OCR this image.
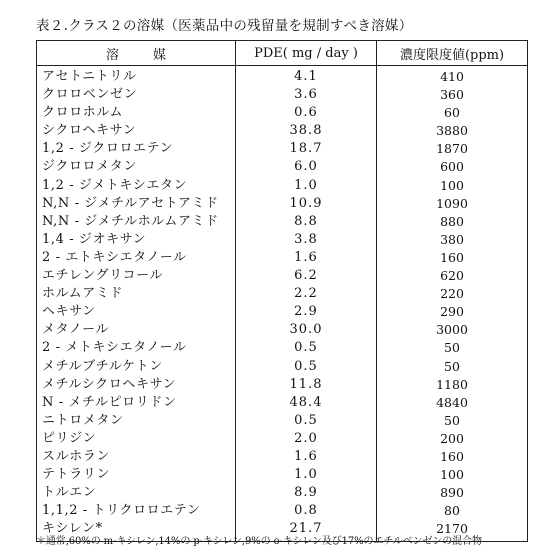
表２.クラス２の溶媒（医薬品中の残留量を規制すべき溶媒）
溶媒	PDE( mg / day )	濃度限度値(ppm)
アセトニトリル	4.1	410
クロロベンゼン	3.6	360
クロロホルム	0.6	60
シクロヘキサン	38.8	3880
1,2 - ジクロロエテン	18.7	1870
ジクロロメタン	6.0	600
1,2 - ジメトキシエタン	1.0	100
N,N - ジメチルアセトアミド	10.9	1090
N,N - ジメチルホルムアミド	8.8	880
1,4 - ジオキサン	3.8	380
2 - エトキシエタノール	1.6	160
エチレングリコール	6.2	620
ホルムアミド	2.2	220
ヘキサン	2.9	290
メタノール	30.0	3000
2 - メトキシエタノール	0.5	50
メチルブチルケトン	0.5	50
メチルシクロヘキサン	11.8	1180
N - メチルピロリドン	48.4	4840
ニトロメタン	0.5	50
ピリジン	2.0	200
スルホラン	1.6	160
テトラリン	1.0	100
トルエン	8.9	890
1,1,2 - トリクロロエテン	0.8	80
キシレン*	21.7	2170
＊通常,60%の m-キシレン,14%の p-キシレン,9%の o-キシレン及び17%のエチルベンゼンの混合物
